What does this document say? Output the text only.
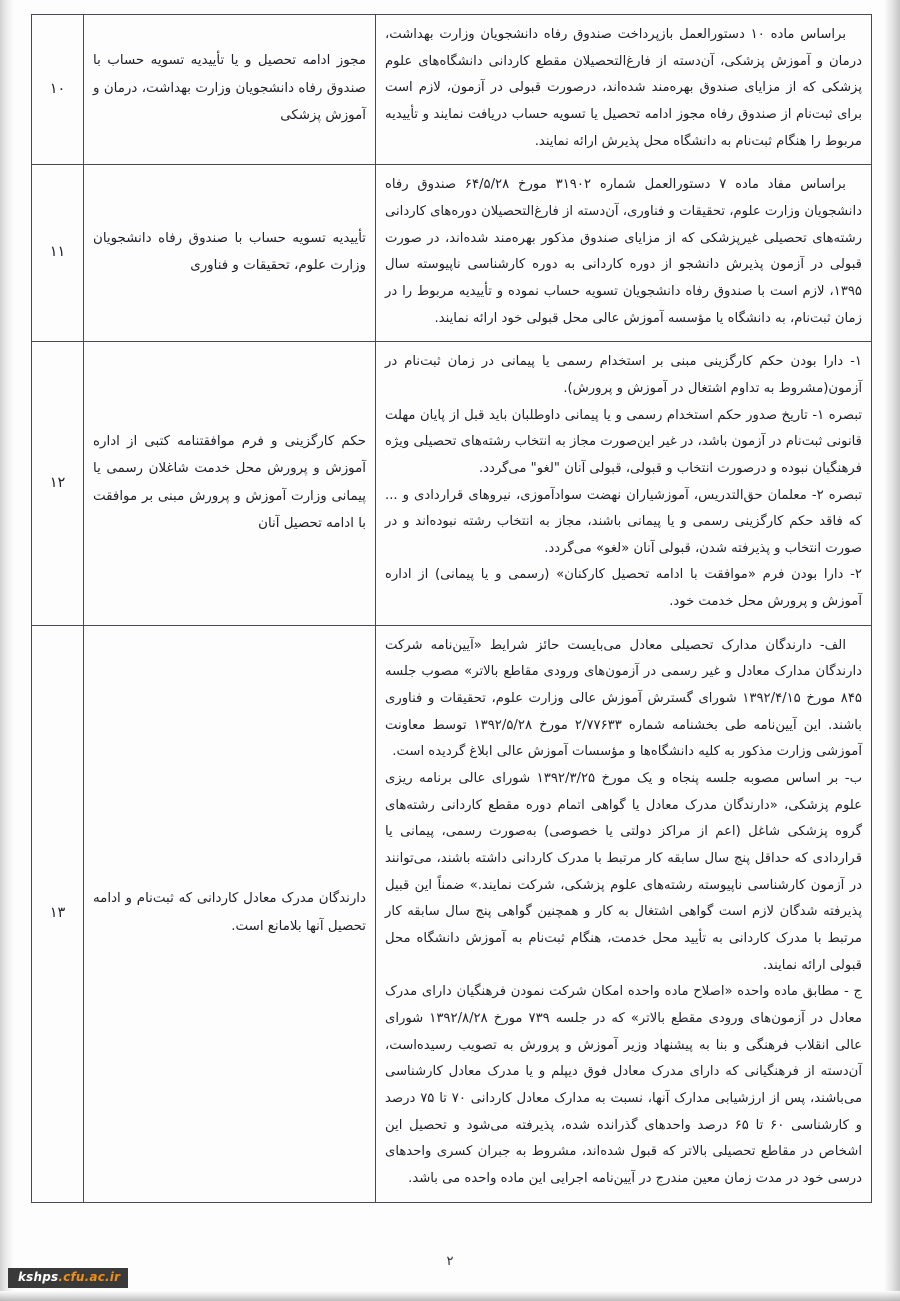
براساس ماده ۱۰ دستورالعمل بازپرداخت صندوق رفاه دانشجویان وزارت بهداشت، درمان و آموزش پزشکی، آن‌دسته از فارغ‌التحصیلان مقطع کاردانی دانشگاه‌های علوم پزشکی که از مزایای صندوق بهره‌مند شده‌اند، درصورت قبولی در آزمون، لازم است برای ثبت‌نام از صندوق رفاه مجوز ادامه تحصیل یا تسویه حساب دریافت نمایند و تأییدیه مربوط را هنگام ثبت‌نام به دانشگاه محل پذیرش ارائه نمایند.	مجوز ادامه تحصیل و یا تأییدیه تسویه حساب با صندوق رفاه دانشجویان وزارت بهداشت، درمان و آموزش پزشکی	۱۰

براساس مفاد ماده ۷ دستورالعمل شماره ۳۱۹۰۲ مورخ ۶۴/۵/۲۸ صندوق رفاه دانشجویان وزارت علوم، تحقیقات و فناوری، آن‌دسته از فارغ‌التحصیلان دوره‌های کاردانی رشته‌های تحصیلی غیرپزشکی که از مزایای صندوق مذکور بهره‌مند شده‌اند، در صورت قبولی در آزمون پذیرش دانشجو از دوره کاردانی به دوره کارشناسی ناپیوسته سال ۱۳۹۵، لازم است با صندوق رفاه دانشجویان تسویه حساب نموده و تأییدیه مربوط را در زمان ثبت‌نام، به دانشگاه یا مؤسسه آموزش عالی محل قبولی خود ارائه نمایند.	تأییدیه تسویه حساب با صندوق رفاه دانشجویان وزارت علوم، تحقیقات و فناوری	۱۱

۱- دارا بودن حکم کارگزینی مبنی بر استخدام رسمی یا پیمانی در زمان ثبت‌نام در آزمون(مشروط به تداوم اشتغال در آموزش و پرورش).

تبصره ۱- تاریخ صدور حکم استخدام رسمی و یا پیمانی داوطلبان باید قبل از پایان مهلت قانونی ثبت‌نام در آزمون باشد، در غیر این‌صورت مجاز به انتخاب رشته‌های تحصیلی ویژه فرهنگیان نبوده و درصورت انتخاب و قبولی، قبولی آنان "لغو" می‌گردد.

تبصره ۲- معلمان حق‌التدریس، آموزشیاران نهضت سوادآموزی، نیروهای قراردادی و ... که فاقد حکم کارگزینی رسمی و یا پیمانی باشند، مجاز به انتخاب رشته نبوده‌اند و در صورت انتخاب و پذیرفته شدن، قبولی آنان «لغو» می‌گردد.

۲- دارا بودن فرم «موافقت با ادامه تحصیل کارکنان» (رسمی و یا پیمانی) از اداره آموزش و پرورش محل خدمت خود.	حکم کارگزینی و فرم موافقتنامه کتبی از اداره آموزش و پرورش محل خدمت شاغلان رسمی یا پیمانی وزارت آموزش و پرورش مبنی بر موافقت با ادامه تحصیل آنان	۱۲

الف- دارندگان مدارک تحصیلی معادل می‌بایست حائز شرایط «آیین‌نامه شرکت دارندگان مدارک معادل و غیر رسمی در آزمون‌های ورودی مقاطع بالاتر» مصوب جلسه ۸۴۵ مورخ ۱۳۹۲/۴/۱۵ شورای گسترش آموزش عالی وزارت علوم، تحقیقات و فناوری باشند. این آیین‌نامه طی بخشنامه شماره ۲/۷۷۶۳۳ مورخ ۱۳۹۲/۵/۲۸ توسط معاونت آموزشی وزارت مذکور به کلیه دانشگاه‌ها و مؤسسات آموزش عالی ابلاغ گردیده است.

ب- بر اساس مصوبه جلسه پنجاه و یک مورخ ۱۳۹۲/۳/۲۵ شورای عالی برنامه ریزی علوم پزشکی، «دارندگان مدرک معادل یا گواهی اتمام دوره مقطع کاردانی رشته‌های گروه پزشکی شاغل (اعم از مراکز دولتی یا خصوصی) به‌صورت رسمی، پیمانی یا قراردادی که حداقل پنج سال سابقه کار مرتبط با مدرک کاردانی داشته باشند، می‌توانند در آزمون کارشناسی ناپیوسته رشته‌های علوم پزشکی، شرکت نمایند.» ضمناً این قبیل پذیرفته شدگان لازم است گواهی اشتغال به کار و همچنین گواهی پنج سال سابقه کار مرتبط با مدرک کاردانی به تأیید محل خدمت، هنگام ثبت‌نام به آموزش دانشگاه محل قبولی ارائه نمایند.

ج - مطابق ماده واحده «اصلاح ماده واحده امکان شرکت نمودن فرهنگیان دارای مدرک معادل در آزمون‌های ورودی مقطع بالاتر» که در جلسه ۷۳۹ مورخ ۱۳۹۲/۸/۲۸ شورای عالی انقلاب فرهنگی و بنا به پیشنهاد وزیر آموزش و پرورش به تصویب رسیده‌است، آن‌دسته از فرهنگیانی که دارای مدرک معادل فوق دیپلم و یا مدرک معادل کارشناسی می‌باشند، پس از ارزشیابی مدارک آنها، نسبت به مدارک معادل کاردانی ۷۰ تا ۷۵ درصد و کارشناسی ۶۰ تا ۶۵ درصد واحدهای گذرانده شده، پذیرفته می‌شود و تحصیل این اشخاص در مقاطع تحصیلی بالاتر که قبول شده‌اند، مشروط به جبران کسری واحدهای درسی خود در مدت زمان معین مندرج در آیین‌نامه اجرایی این ماده واحده می باشد.	دارندگان مدرک معادل کاردانی که ثبت‌نام و ادامه تحصیل آنها بلامانع است.	۱۳
۲
kshps.cfu.ac.ir
